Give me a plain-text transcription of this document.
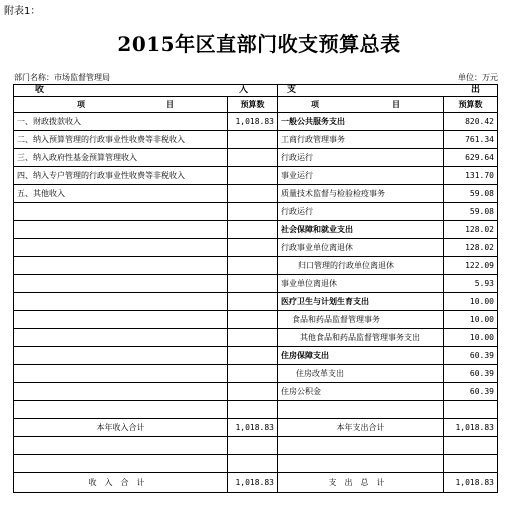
附表1：
2015年区直部门收支预算总表
部门名称：市场监督管理局	单位：万元
收 入		支 出	

项 目	预算数	项 目	预算数
一、财政拨款收入	1,018.83	一般公共服务支出	820.42
二、纳入预算管理的行政事业性收费等非税收入		工商行政管理事务	761.34
三、纳入政府性基金预算管理收入		行政运行	629.64
四、纳入专户管理的行政事业性收费等非税收入		事业运行	131.70
五、其他收入		质量技术监督与检验检疫事务	59.08
		行政运行	59.08
		社会保障和就业支出	128.02
		行政事业单位离退休	128.02
		归口管理的行政单位离退休	122.09
		事业单位离退休	5.93
		医疗卫生与计划生育支出	10.00
		食品和药品监督管理事务	10.00
		其他食品和药品监督管理事务支出	10.00
		住房保障支出	60.39
		住房改革支出	60.39
		住房公积金	60.39

本年收入合计	1,018.83	本年支出合计	1,018.83

收入合计	1,018.83	支出总计	1,018.83
